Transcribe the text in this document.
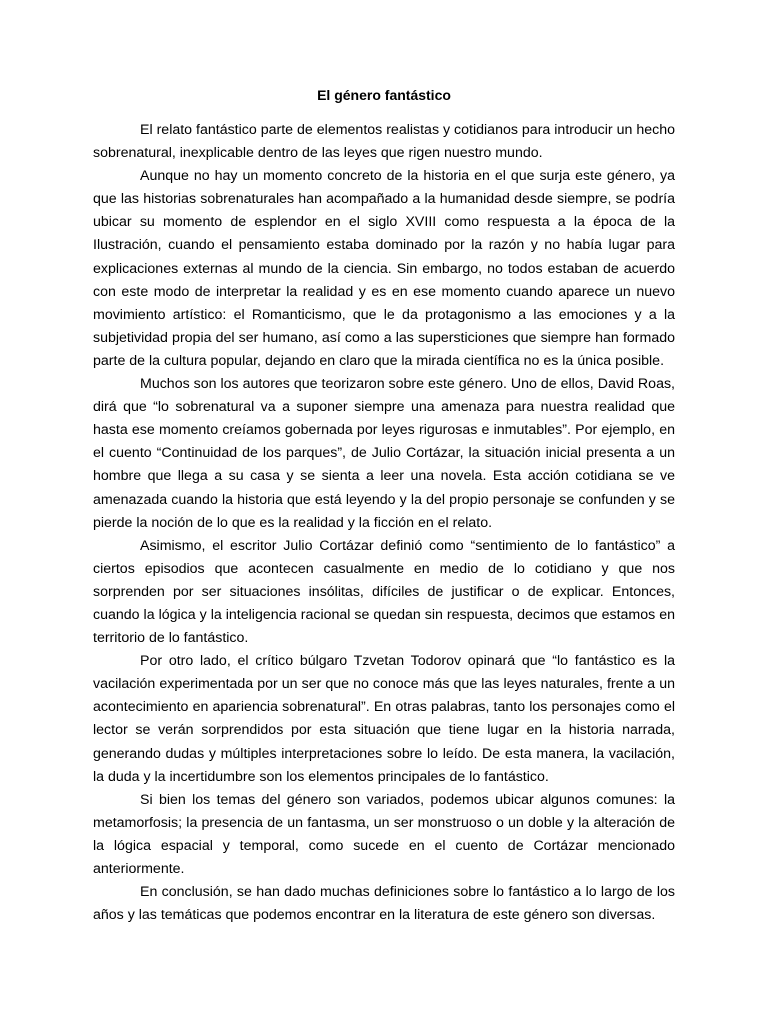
El género fantástico

El relato fantástico parte de elementos realistas y cotidianos para introducir un hecho sobrenatural, inexplicable dentro de las leyes que rigen nuestro mundo.

Aunque no hay un momento concreto de la historia en el que surja este género, ya que las historias sobrenaturales han acompañado a la humanidad desde siempre, se podría ubicar su momento de esplendor en el siglo XVIII como respuesta a la época de la Ilustración, cuando el pensamiento estaba dominado por la razón y no había lugar para explicaciones externas al mundo de la ciencia. Sin embargo, no todos estaban de acuerdo con este modo de interpretar la realidad y es en ese momento cuando aparece un nuevo movimiento artístico: el Romanticismo, que le da protagonismo a las emociones y a la subjetividad propia del ser humano, así como a las supersticiones que siempre han formado parte de la cultura popular, dejando en claro que la mirada científica no es la única posible.

Muchos son los autores que teorizaron sobre este género. Uno de ellos, David Roas, dirá que “lo sobrenatural va a suponer siempre una amenaza para nuestra realidad que hasta ese momento creíamos gobernada por leyes rigurosas e inmutables”. Por ejemplo, en el cuento “Continuidad de los parques”, de Julio Cortázar, la situación inicial presenta a un hombre que llega a su casa y se sienta a leer una novela. Esta acción cotidiana se ve amenazada cuando la historia que está leyendo y la del propio personaje se confunden y se pierde la noción de lo que es la realidad y la ficción en el relato.

Asimismo, el escritor Julio Cortázar definió como “sentimiento de lo fantástico” a ciertos episodios que acontecen casualmente en medio de lo cotidiano y que nos sorprenden por ser situaciones insólitas, difíciles de justificar o de explicar. Entonces, cuando la lógica y la inteligencia racional se quedan sin respuesta, decimos que estamos en territorio de lo fantástico.

Por otro lado, el crítico búlgaro Tzvetan Todorov opinará que “lo fantástico es la vacilación experimentada por un ser que no conoce más que las leyes naturales, frente a un acontecimiento en apariencia sobrenatural”. En otras palabras, tanto los personajes como el lector se verán sorprendidos por esta situación que tiene lugar en la historia narrada, generando dudas y múltiples interpretaciones sobre lo leído. De esta manera, la vacilación, la duda y la incertidumbre son los elementos principales de lo fantástico.

Si bien los temas del género son variados, podemos ubicar algunos comunes: la metamorfosis; la presencia de un fantasma, un ser monstruoso o un doble y la alteración de la lógica espacial y temporal, como sucede en el cuento de Cortázar mencionado anteriormente.

En conclusión, se han dado muchas definiciones sobre lo fantástico a lo largo de los años y las temáticas que podemos encontrar en la literatura de este género son diversas.
